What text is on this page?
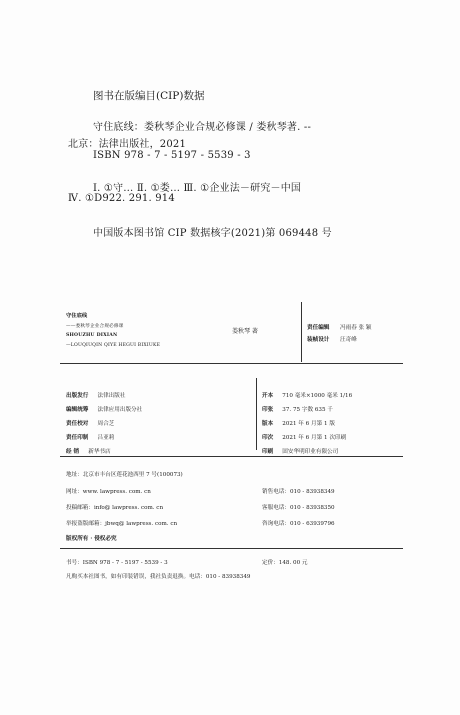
图书在版编目(CIP)数据
守住底线：娄秋琴企业合规必修课 / 娄秋琴著. --
北京：法律出版社，2021
ISBN 978 - 7 - 5197 - 5539 - 3
Ⅰ. ①守… Ⅱ. ①娄… Ⅲ. ①企业法－研究－中国
Ⅳ. ①D922. 291. 914
中国版本图书馆 CIP 数据核字(2021)第 069448 号
守住底线
——娄秋琴企业合规必修课
SHOUZHU DIXIAN
—LOUQIUQIN QIYE HEGUI BIXIUKE
娄秋琴 著	责任编辑 冯雨春 张 颖
装帧设计 汪奇峰
出版发行 法律出版社
编辑统筹 法律应用出版分社
责任校对 周合芝
责任印制 吕亚莉
经 销 新华书店
开本 710 毫米×1000 毫米 1/16
印张 37. 75 字数 635 千
版本 2021 年 6 月第 1 版
印次 2021 年 6 月第 1 次印刷
印刷 固安华明印业有限公司
地址：北京市丰台区莲花池西里 7 号(100073)
网址：www. lawpress. com. cn
投稿邮箱：info@ lawpress. com. cn
举报盗版邮箱：jbwq@ lawpress. com. cn
版权所有 · 侵权必究
销售电话：010 - 83938349
客服电话：010 - 83938350
咨询电话：010 - 63939796
书号：ISBN 978 - 7 - 5197 - 5539 - 3	定价：148. 00 元
凡购买本社图书，如有印装错误，我社负责退换。电话：010 - 83938349
